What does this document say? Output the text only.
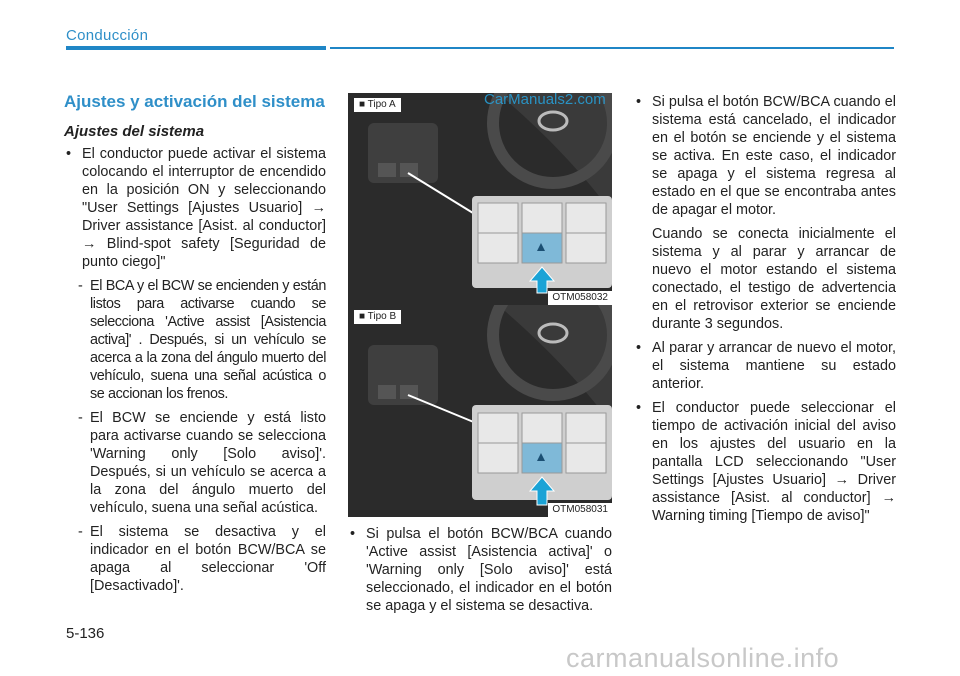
Conducción
Ajustes y activación del sistema
Ajustes del sistema
• El conductor puede activar el sistema colocando el interruptor de encendido en la posición ON y seleccionando "User Settings [Ajustes Usuario] → Driver assistance [Asist. al conductor] → Blind-spot safety [Seguridad de punto ciego]"
- El BCA y el BCW se encienden y están listos para activarse cuando se selecciona 'Active assist [Asistencia activa]' . Después, si un vehículo se acerca a la zona del ángulo muerto del vehículo, suena una señal acústica o se accionan los frenos.
- El BCW se enciende y está listo para activarse cuando se selecciona 'Warning only [Solo aviso]'. Después, si un vehículo se acerca a la zona del ángulo muerto del vehículo, suena una señal acústica.
- El sistema se desactiva y el indicador en el botón BCW/BCA se apaga al seleccionar 'Off [Desactivado]'.
■ Tipo A
OTM058032
■ Tipo B
OTM058031
• Si pulsa el botón BCW/BCA cuando 'Active assist [Asistencia activa]' o 'Warning only [Solo aviso]' está seleccionado, el indicador en el botón se apaga y el sistema se desactiva.
• Si pulsa el botón BCW/BCA cuando el sistema está cancelado, el indicador en el botón se enciende y el sistema se activa. En este caso, el indicador se apaga y el sistema regresa al estado en el que se encontraba antes de apagar el motor.
Cuando se conecta inicialmente el sistema y al parar y arrancar de nuevo el motor estando el sistema conectado, el testigo de advertencia en el retrovisor exterior se enciende durante 3 segundos.
• Al parar y arrancar de nuevo el motor, el sistema mantiene su estado anterior.
• El conductor puede seleccionar el tiempo de activación inicial del aviso en los ajustes del usuario en la pantalla LCD seleccionando "User Settings [Ajustes Usuario] → Driver assistance [Asist. al conductor] → Warning timing [Tiempo de aviso]"
CarManuals2.com
5-136
carmanualsonline.info
